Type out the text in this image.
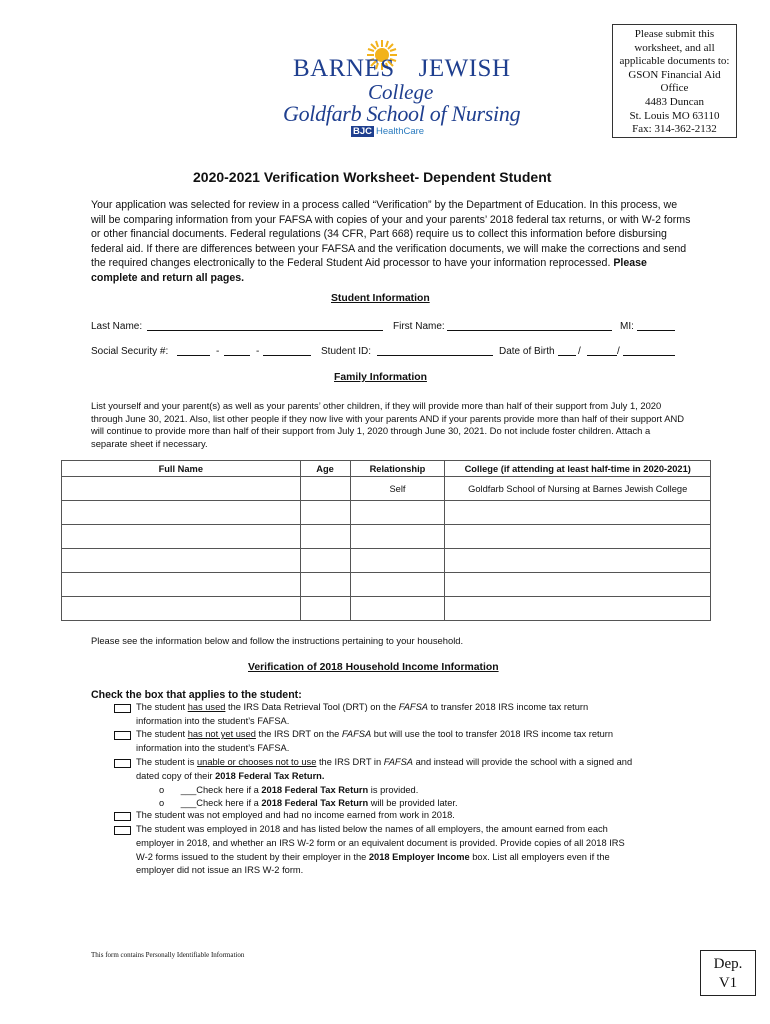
BARNES JEWISH
College
Goldfarb School of Nursing
BJC HealthCare
Please submit this
worksheet, and all
applicable documents to:
GSON Financial Aid
Office
4483 Duncan
St. Louis MO 63110
Fax: 314-362-2132
2020-2021 Verification Worksheet- Dependent Student
Your application was selected for review in a process called “Verification” by the Department of Education. In this process, we will be comparing information from your FAFSA with copies of your and your parents’ 2018 federal tax returns, or with W-2 forms or other financial documents. Federal regulations (34 CFR, Part 668) require us to collect this information before disbursing federal aid. If there are differences between your FAFSA and the verification documents, we will make the corrections and send the required changes electronically to the Federal Student Aid processor to have your information reprocessed. Please complete and return all pages.
Student Information
Last Name:	First Name:	MI:
Social Security #:	-	-	Student ID:	Date of Birth /	/
Family Information
List yourself and your parent(s) as well as your parents’ other children, if they will provide more than half of their support from July 1, 2020 through June 30, 2021. Also, list other people if they now live with your parents AND if your parents provide more than half of their support AND will continue to provide more than half of their support from July 1, 2020 through June 30, 2021. Do not include foster children. Attach a separate sheet if necessary.
Full Name	Age	Relationship	College (if attending at least half-time in 2020-2021)
		Self	Goldfarb School of Nursing at Barnes Jewish College

Please see the information below and follow the instructions pertaining to your household.
Verification of 2018 Household Income Information
Check the box that applies to the student:
The student has used the IRS Data Retrieval Tool (DRT) on the FAFSA to transfer 2018 IRS income tax return
information into the student’s FAFSA.
The student has not yet used the IRS DRT on the FAFSA but will use the tool to transfer 2018 IRS income tax return
information into the student’s FAFSA.
The student is unable or chooses not to use the IRS DRT in FAFSA and instead will provide the school with a signed and
dated copy of their 2018 Federal Tax Return.
o ___Check here if a 2018 Federal Tax Return is provided.
o ___Check here if a 2018 Federal Tax Return will be provided later.
The student was not employed and had no income earned from work in 2018.
The student was employed in 2018 and has listed below the names of all employers, the amount earned from each
employer in 2018, and whether an IRS W-2 form or an equivalent document is provided. Provide copies of all 2018 IRS
W-2 forms issued to the student by their employer in the 2018 Employer Income box. List all employers even if the
employer did not issue an IRS W-2 form.
This form contains Personally Identifiable Information
Dep.
V1
